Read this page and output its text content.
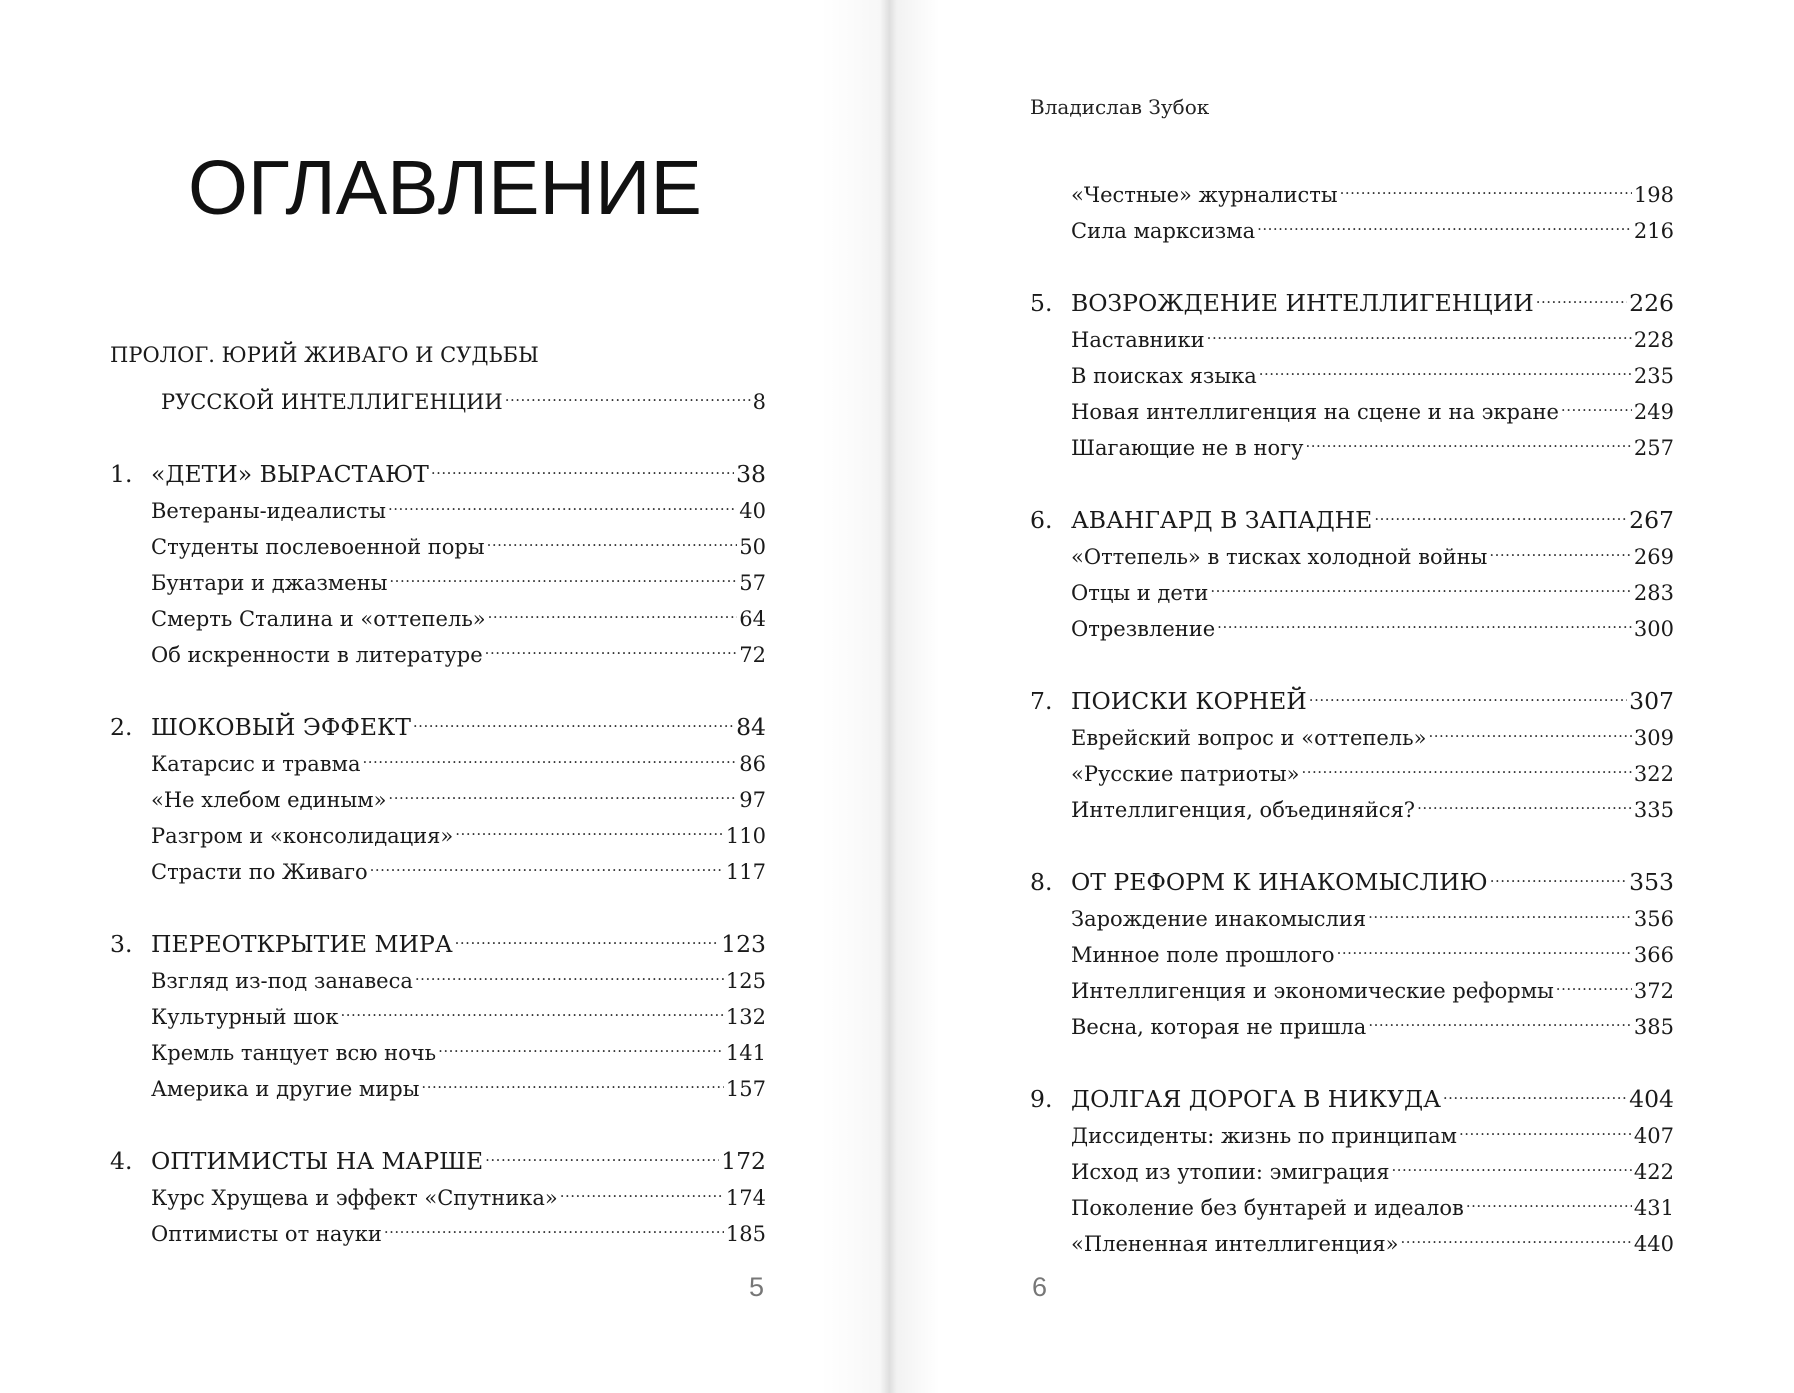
ОГЛАВЛЕНИЕ
ПРОЛОГ. ЮРИЙ ЖИВАГО И СУДЬБЫ
РУССКОЙ ИНТЕЛЛИГЕНЦИИ .....	8
1. «ДЕТИ» ВЫРАСТАЮТ .....	38
Ветераны-идеалисты .....	40
Студенты послевоенной поры .....	50
Бунтари и джазмены .....	57
Смерть Сталина и «оттепель» .....	64
Об искренности в литературе .....	72
2. ШОКОВЫЙ ЭФФЕКТ .....	84
Катарсис и травма .....	86
«Не хлебом единым» .....	97
Разгром и «консолидация» .....	110
Страсти по Живаго .....	117
3. ПЕРЕОТКРЫТИЕ МИРА .....	123
Взгляд из-под занавеса .....	125
Культурный шок .....	132
Кремль танцует всю ночь .....	141
Америка и другие миры .....	157
4. ОПТИМИСТЫ НА МАРШЕ .....	172
Курс Хрущева и эффект «Спутника» .....	174
Оптимисты от науки .....	185
5
Владислав Зубок
«Честные» журналисты .....	198
Сила марксизма .....	216
5. ВОЗРОЖДЕНИЕ ИНТЕЛЛИГЕНЦИИ .....	226
Наставники .....	228
В поисках языка .....	235
Новая интеллигенция на сцене и на экране .....	249
Шагающие не в ногу .....	257
6. АВАНГАРД В ЗАПАДНЕ .....	267
«Оттепель» в тисках холодной войны .....	269
Отцы и дети .....	283
Отрезвление .....	300
7. ПОИСКИ КОРНЕЙ .....	307
Еврейский вопрос и «оттепель» .....	309
«Русские патриоты» .....	322
Интеллигенция, объединяйся? .....	335
8. ОТ РЕФОРМ К ИНАКОМЫСЛИЮ .....	353
Зарождение инакомыслия .....	356
Минное поле прошлого .....	366
Интеллигенция и экономические реформы .....	372
Весна, которая не пришла .....	385
9. ДОЛГАЯ ДОРОГА В НИКУДА .....	404
Диссиденты: жизнь по принципам .....	407
Исход из утопии: эмиграция .....	422
Поколение без бунтарей и идеалов .....	431
«Плененная интеллигенция» .....	440
6
